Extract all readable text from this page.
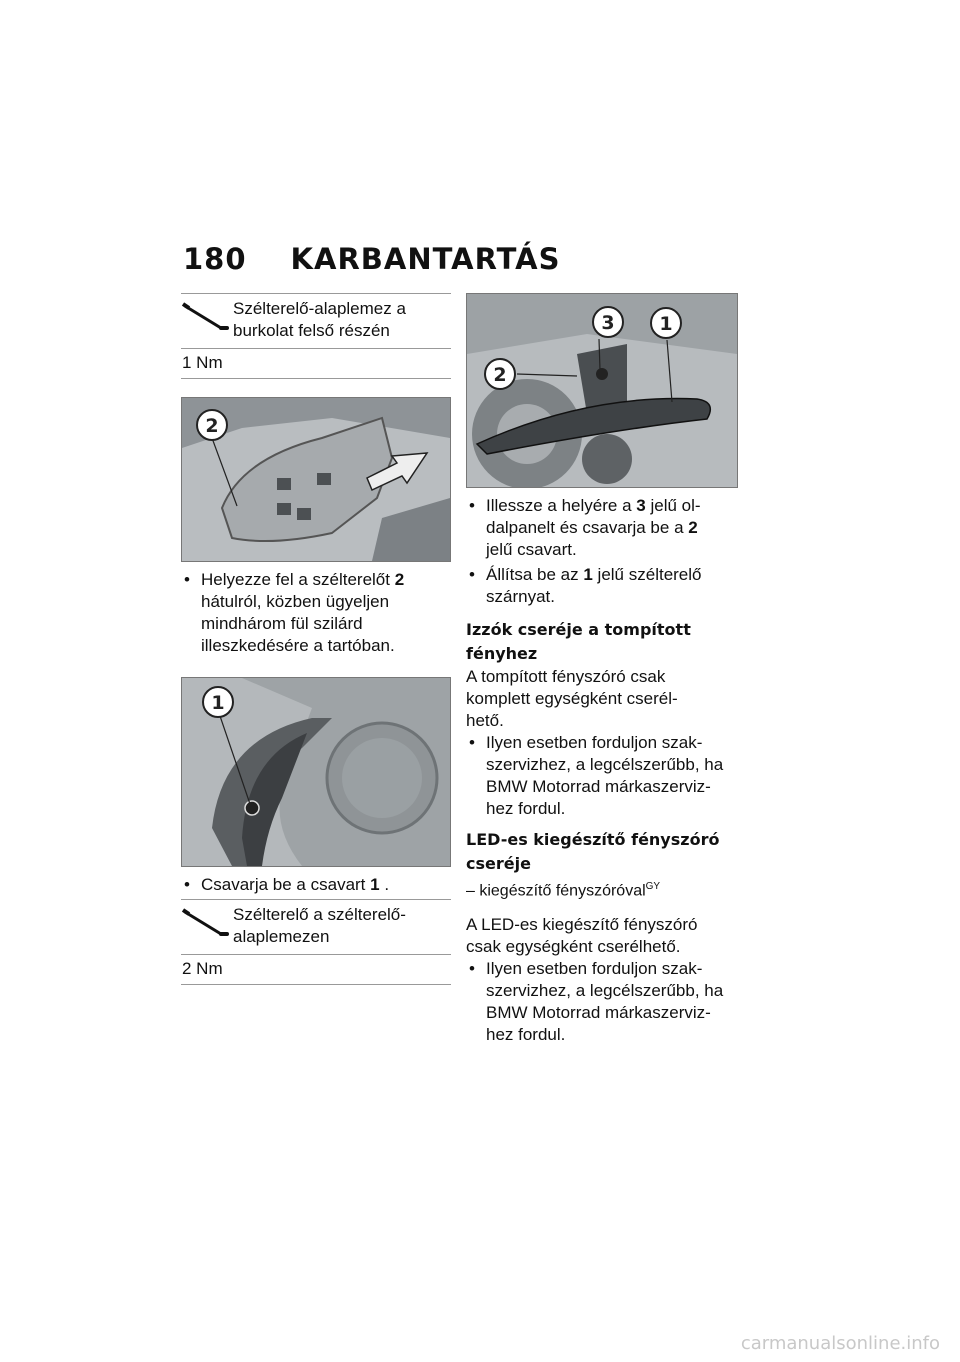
180 KARBANTARTÁS
Szélterelő-alaplemez a
burkolat felső részén
1 Nm
2
• Helyezze fel a szélterelőt 2
hátulról, közben ügyeljen
mindhárom fül szilárd
illeszkedésére a tartóban.
1
• Csavarja be a csavart 1 .
Szélterelő a szélterelő-
alaplemezen
2 Nm
3 1
2
• Illessze a helyére a 3 jelű ol-
dalpanelt és csavarja be a 2
jelű csavart.
• Állítsa be az 1 jelű szélterelő
szárnyat.

Izzók cseréje a tompított
fényhez

A tompított fényszóró csak
komplett egységként cserél-
hető.

• Ilyen esetben forduljon szak-
szervizhez, a legcélszerűbb, ha
BMW Motorrad márkaszerviz-
hez fordul.

LED-es kiegészítő fényszóró
cseréje

– kiegészítő fényszóróval$^{GY}$

A LED-es kiegészítő fényszóró
csak egységként cserélhető.

• Ilyen esetben forduljon szak-
szervizhez, a legcélszerűbb, ha
BMW Motorrad márkaszerviz-
hez fordul.
carmanualsonline.info
